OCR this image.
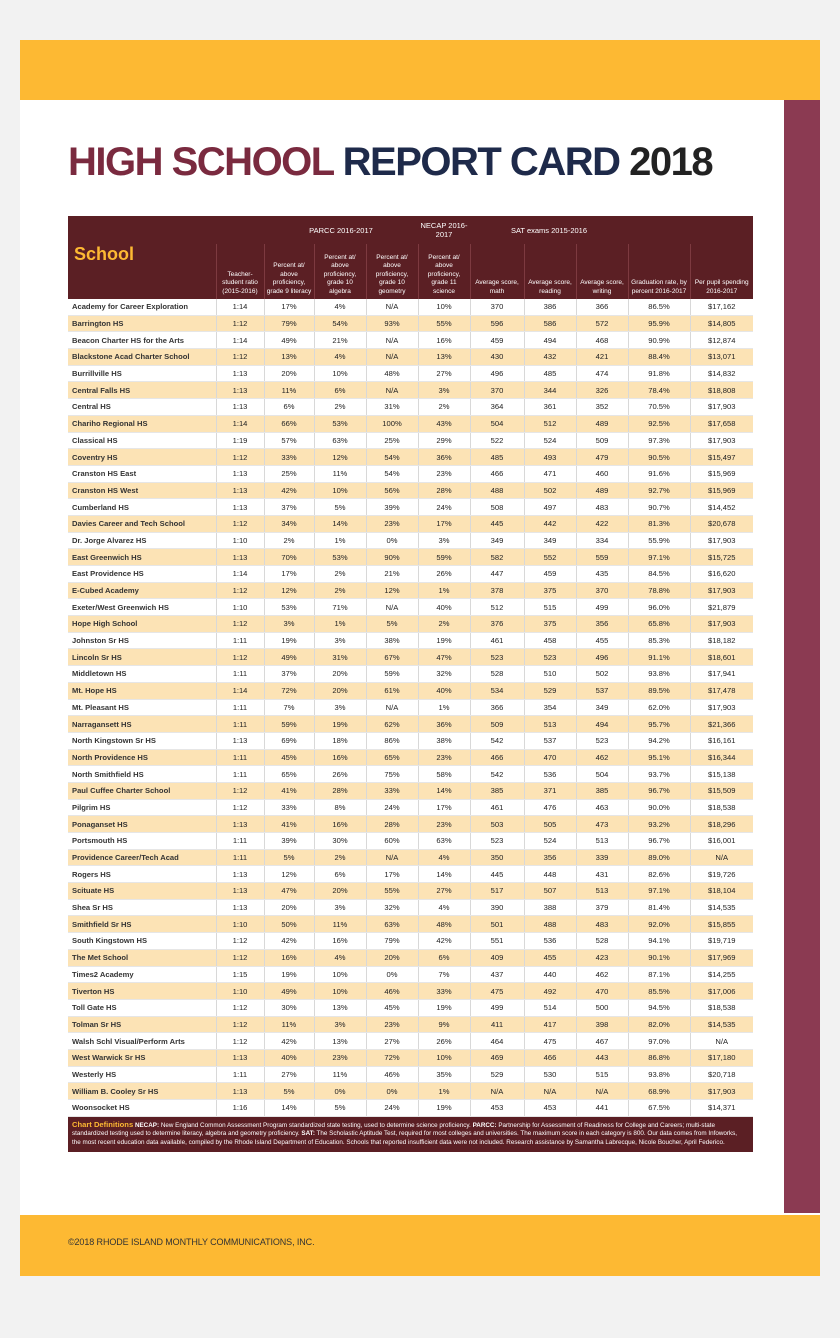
HIGH SCHOOL REPORT CARD 2018
		PARCC 2016-2017			NECAP 2016-2017	SAT exams 2015-2016				
School	Teacher-student ratio (2015-2016)	Percent at/ above proficiency, grade 9 literacy	Percent at/ above proficiency, grade 10 algebra	Percent at/ above proficiency, grade 10 geometry	Percent at/ above proficiency, grade 11 science	Average score, math	Average score, reading	Average score, writing	Graduation rate, by percent 2016-2017	Per pupil spending 2016-2017
Academy for Career Exploration	1:14	17%	4%	N/A	10%	370	386	366	86.5%	$17,162
Barrington HS	1:12	79%	54%	93%	55%	596	586	572	95.9%	$14,805
Beacon Charter HS for the Arts	1:14	49%	21%	N/A	16%	459	494	468	90.9%	$12,874
Blackstone Acad Charter School	1:12	13%	4%	N/A	13%	430	432	421	88.4%	$13,071
Burrillville HS	1:13	20%	10%	48%	27%	496	485	474	91.8%	$14,832
Central Falls HS	1:13	11%	6%	N/A	3%	370	344	326	78.4%	$18,808
Central HS	1:13	6%	2%	31%	2%	364	361	352	70.5%	$17,903
Chariho Regional HS	1:14	66%	53%	100%	43%	504	512	489	92.5%	$17,658
Classical HS	1:19	57%	63%	25%	29%	522	524	509	97.3%	$17,903
Coventry HS	1:12	33%	12%	54%	36%	485	493	479	90.5%	$15,497
Cranston HS East	1:13	25%	11%	54%	23%	466	471	460	91.6%	$15,969
Cranston HS West	1:13	42%	10%	56%	28%	488	502	489	92.7%	$15,969
Cumberland HS	1:13	37%	5%	39%	24%	508	497	483	90.7%	$14,452
Davies Career and Tech School	1:12	34%	14%	23%	17%	445	442	422	81.3%	$20,678
Dr. Jorge Alvarez HS	1:10	2%	1%	0%	3%	349	349	334	55.9%	$17,903
East Greenwich HS	1:13	70%	53%	90%	59%	582	552	559	97.1%	$15,725
East Providence HS	1:14	17%	2%	21%	26%	447	459	435	84.5%	$16,620
E-Cubed Academy	1:12	12%	2%	12%	1%	378	375	370	78.8%	$17,903
Exeter/West Greenwich HS	1:10	53%	71%	N/A	40%	512	515	499	96.0%	$21,879
Hope High School	1:12	3%	1%	5%	2%	376	375	356	65.8%	$17,903
Johnston Sr HS	1:11	19%	3%	38%	19%	461	458	455	85.3%	$18,182
Lincoln Sr HS	1:12	49%	31%	67%	47%	523	523	496	91.1%	$18,601
Middletown HS	1:11	37%	20%	59%	32%	528	510	502	93.8%	$17,941
Mt. Hope HS	1:14	72%	20%	61%	40%	534	529	537	89.5%	$17,478
Mt. Pleasant HS	1:11	7%	3%	N/A	1%	366	354	349	62.0%	$17,903
Narragansett HS	1:11	59%	19%	62%	36%	509	513	494	95.7%	$21,366
North Kingstown Sr HS	1:13	69%	18%	86%	38%	542	537	523	94.2%	$16,161
North Providence HS	1:11	45%	16%	65%	23%	466	470	462	95.1%	$16,344
North Smithfield HS	1:11	65%	26%	75%	58%	542	536	504	93.7%	$15,138
Paul Cuffee Charter School	1:12	41%	28%	33%	14%	385	371	385	96.7%	$15,509
Pilgrim HS	1:12	33%	8%	24%	17%	461	476	463	90.0%	$18,538
Ponaganset HS	1:13	41%	16%	28%	23%	503	505	473	93.2%	$18,296
Portsmouth HS	1:11	39%	30%	60%	63%	523	524	513	96.7%	$16,001
Providence Career/Tech Acad	1:11	5%	2%	N/A	4%	350	356	339	89.0%	N/A
Rogers HS	1:13	12%	6%	17%	14%	445	448	431	82.6%	$19,726
Scituate HS	1:13	47%	20%	55%	27%	517	507	513	97.1%	$18,104
Shea Sr HS	1:13	20%	3%	32%	4%	390	388	379	81.4%	$14,535
Smithfield Sr HS	1:10	50%	11%	63%	48%	501	488	483	92.0%	$15,855
South Kingstown HS	1:12	42%	16%	79%	42%	551	536	528	94.1%	$19,719
The Met School	1:12	16%	4%	20%	6%	409	455	423	90.1%	$17,969
Times2 Academy	1:15	19%	10%	0%	7%	437	440	462	87.1%	$14,255
Tiverton HS	1:10	49%	10%	46%	33%	475	492	470	85.5%	$17,006
Toll Gate HS	1:12	30%	13%	45%	19%	499	514	500	94.5%	$18,538
Tolman Sr HS	1:12	11%	3%	23%	9%	411	417	398	82.0%	$14,535
Walsh Schl Visual/Perform Arts	1:12	42%	13%	27%	26%	464	475	467	97.0%	N/A
West Warwick Sr HS	1:13	40%	23%	72%	10%	469	466	443	86.8%	$17,180
Westerly HS	1:11	27%	11%	46%	35%	529	530	515	93.8%	$20,718
William B. Cooley Sr HS	1:13	5%	0%	0%	1%	N/A	N/A	N/A	68.9%	$17,903
Woonsocket HS	1:16	14%	5%	24%	19%	453	453	441	67.5%	$14,371
Chart Definitions NECAP: New England Common Assessment Program standardized state testing, used to determine science proficiency. PARCC: Partnership for Assessment of Readiness for College and Careers; multi-state standardized testing used to determine literacy, algebra and geometry proficiency. SAT: The Scholastic Aptitude Test, required for most colleges and universities. The maximum score in each category is 800. Our data comes from Infoworks, the most recent education data available, compiled by the Rhode Island Department of Education. Schools that reported insufficient data were not included. Research assistance by Samantha Labrecque, Nicole Boucher, April Federico.
©2018 RHODE ISLAND MONTHLY COMMUNICATIONS, INC.
